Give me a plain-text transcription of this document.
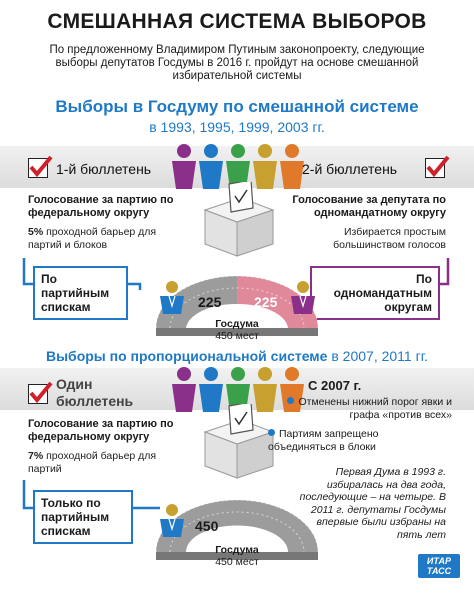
СМЕШАННАЯ СИСТЕМА ВЫБОРОВ
По предложенному Владимиром Путиным законопроекту, следующие выборы депутатов Госдумы в 2016 г. пройдут на основе смешанной избирательной системы
Выборы в Госдуму по смешанной системе
в 1993, 1995, 1999, 2003 гг.
1-й бюллетень	2-й бюллетень
Голосование за партию по федеральному округу
5% проходной барьер для партий и блоков
Голосование за депутата по одномандатному округу
Избирается простым большинством голосов
По партийным спискам
По одномандатным округам
225 225
Госдума
450 мест
Выборы по пропорциональной системе в 2007, 2011 гг.
Один бюллетень
Голосование за партию по федеральному округу
7% проходной барьер для партий
С 2007 г.
Отменены нижний порог явки и графа «против всех»
Партиям запрещено объединяться в блоки
Первая Дума в 1993 г. избиралась на два года, последующие – на четыре. В 2011 г. депутаты Госдумы впервые были избраны на пять лет
Только по партийным спискам	450
Госдума
450 мест	ИТАР ТАСС
